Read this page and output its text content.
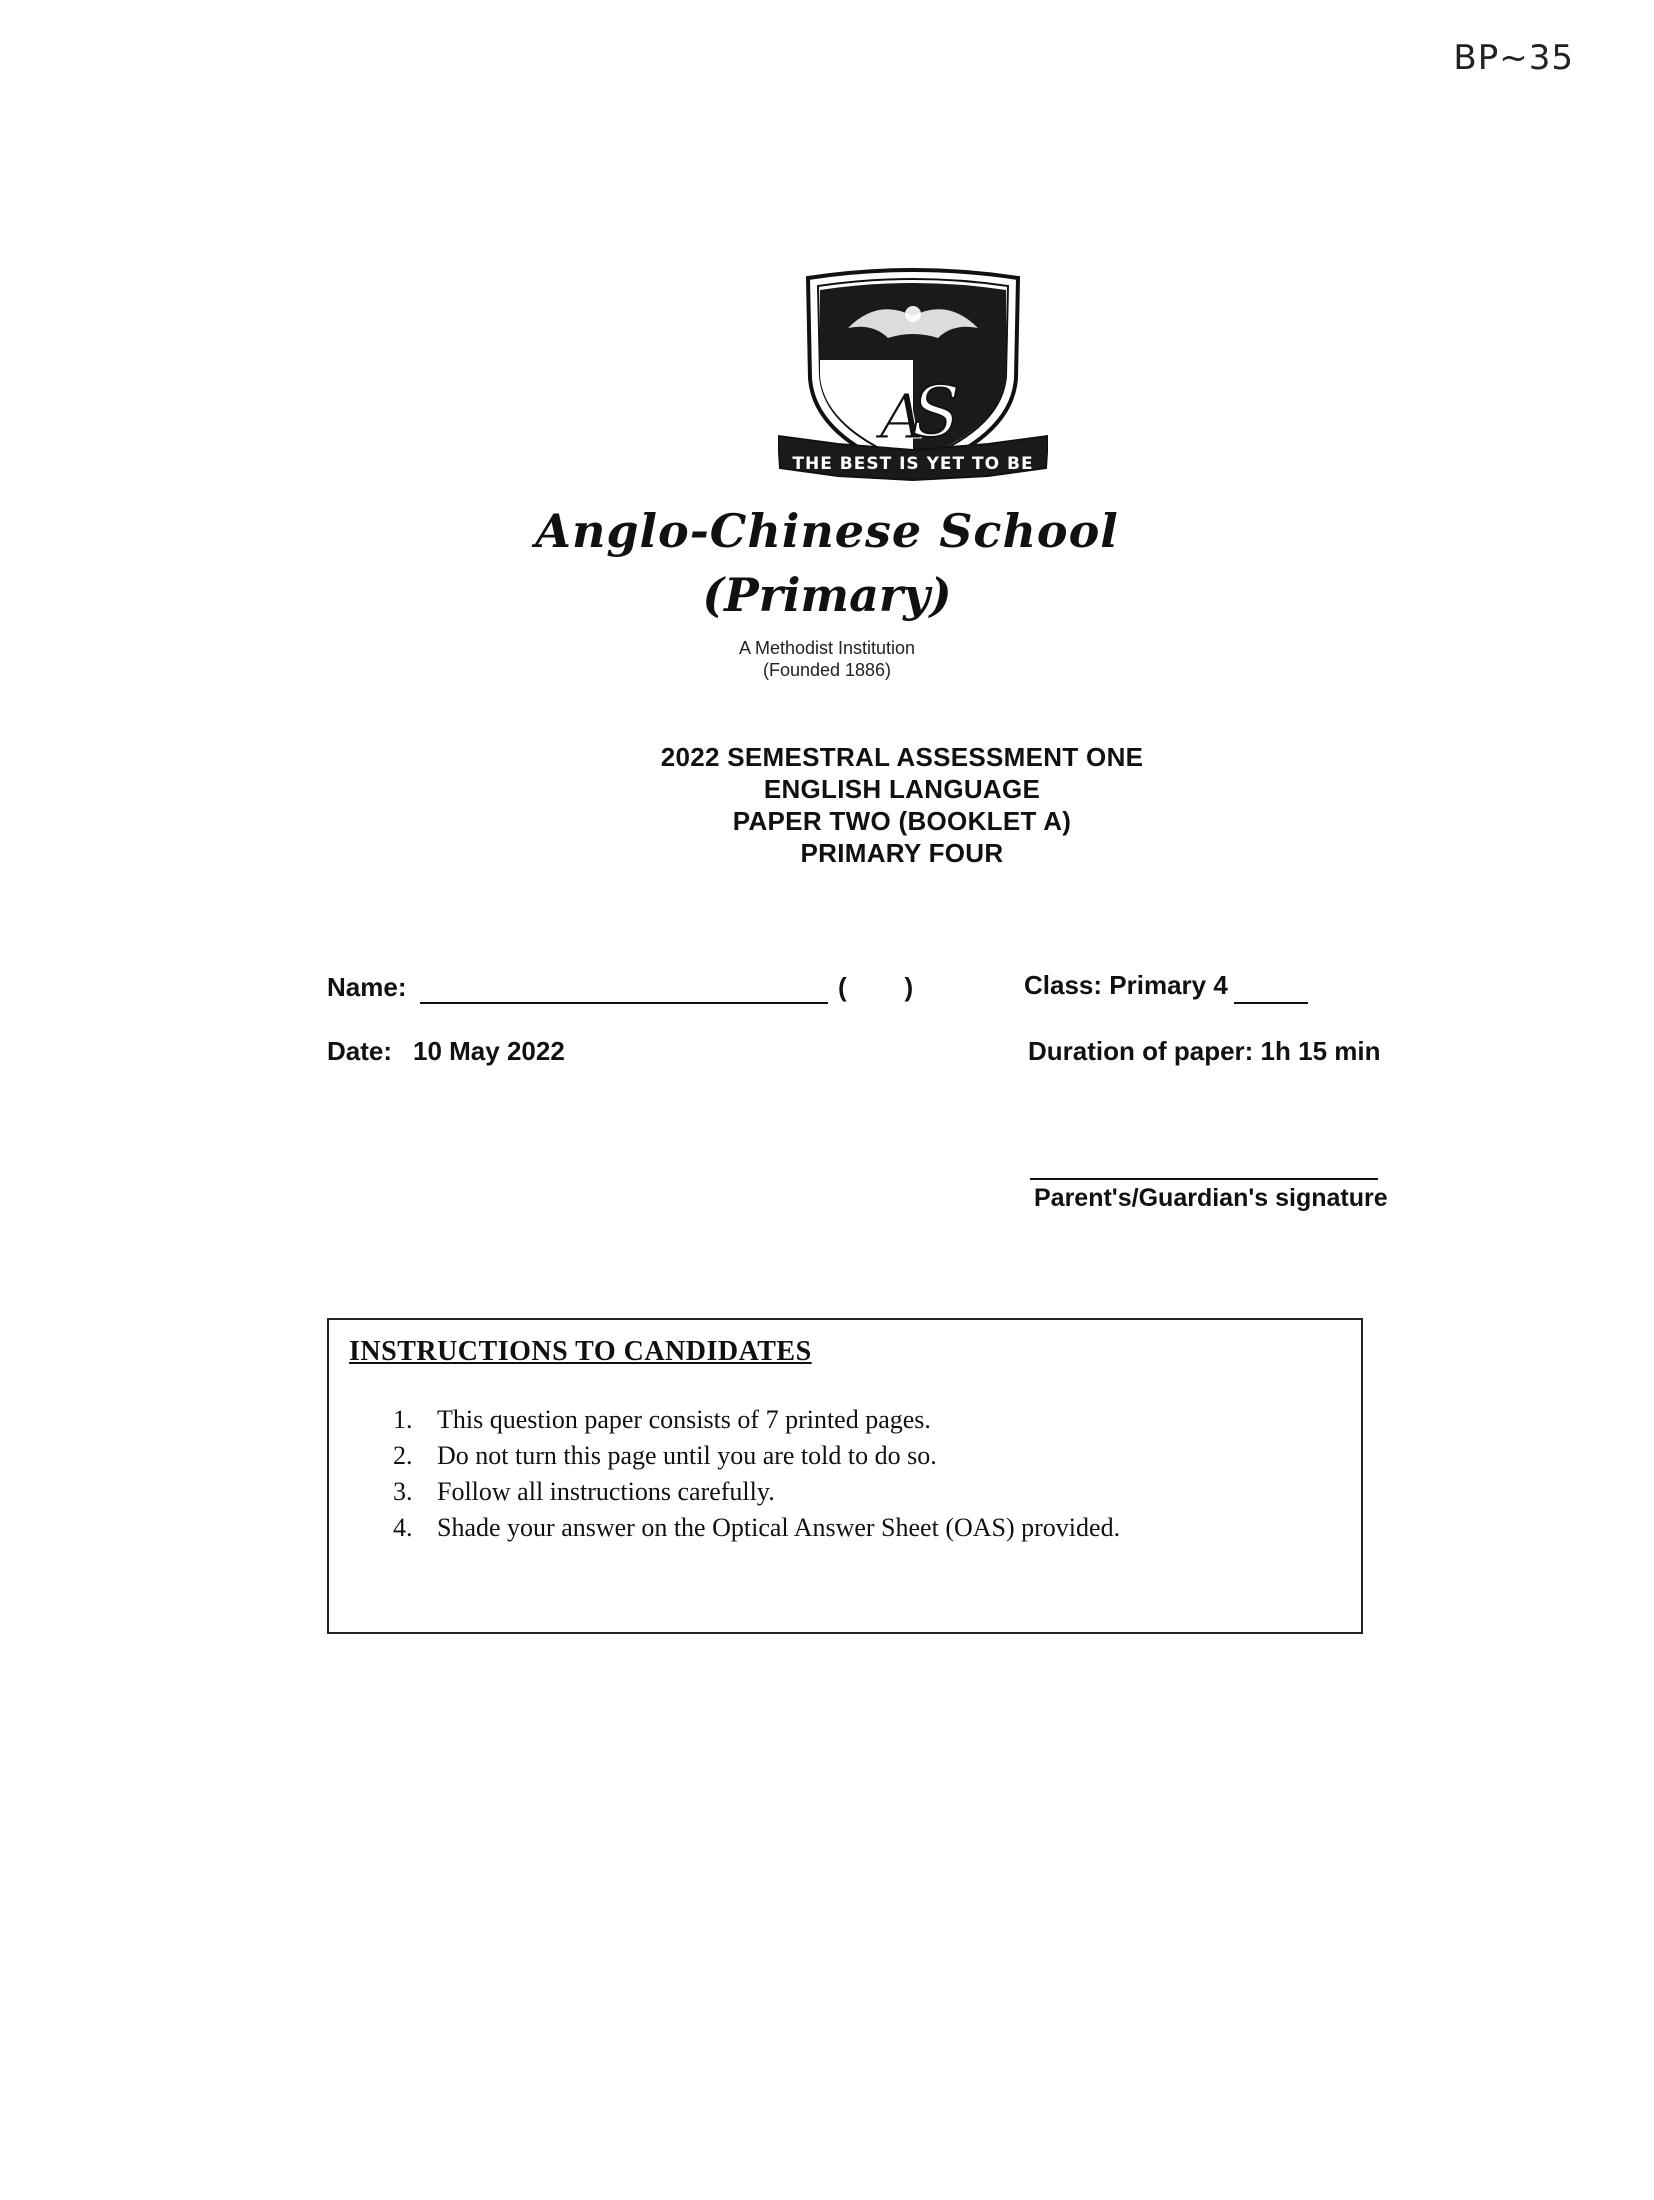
BP~35
A
S
THE BEST IS YET TO BE
Anglo-Chinese School
(Primary)
A Methodist Institution
(Founded 1886)
2022 SEMESTRAL ASSESSMENT ONE
ENGLISH LANGUAGE
PAPER TWO (BOOKLET A)
PRIMARY FOUR
Name:	(        )	Class: Primary 4
Date: 10 May 2022	Duration of paper: 1h 15 min
Parent's/Guardian's signature
INSTRUCTIONS TO CANDIDATES
1. This question paper consists of 7 printed pages.
2. Do not turn this page until you are told to do so.
3. Follow all instructions carefully.
4. Shade your answer on the Optical Answer Sheet (OAS) provided.
